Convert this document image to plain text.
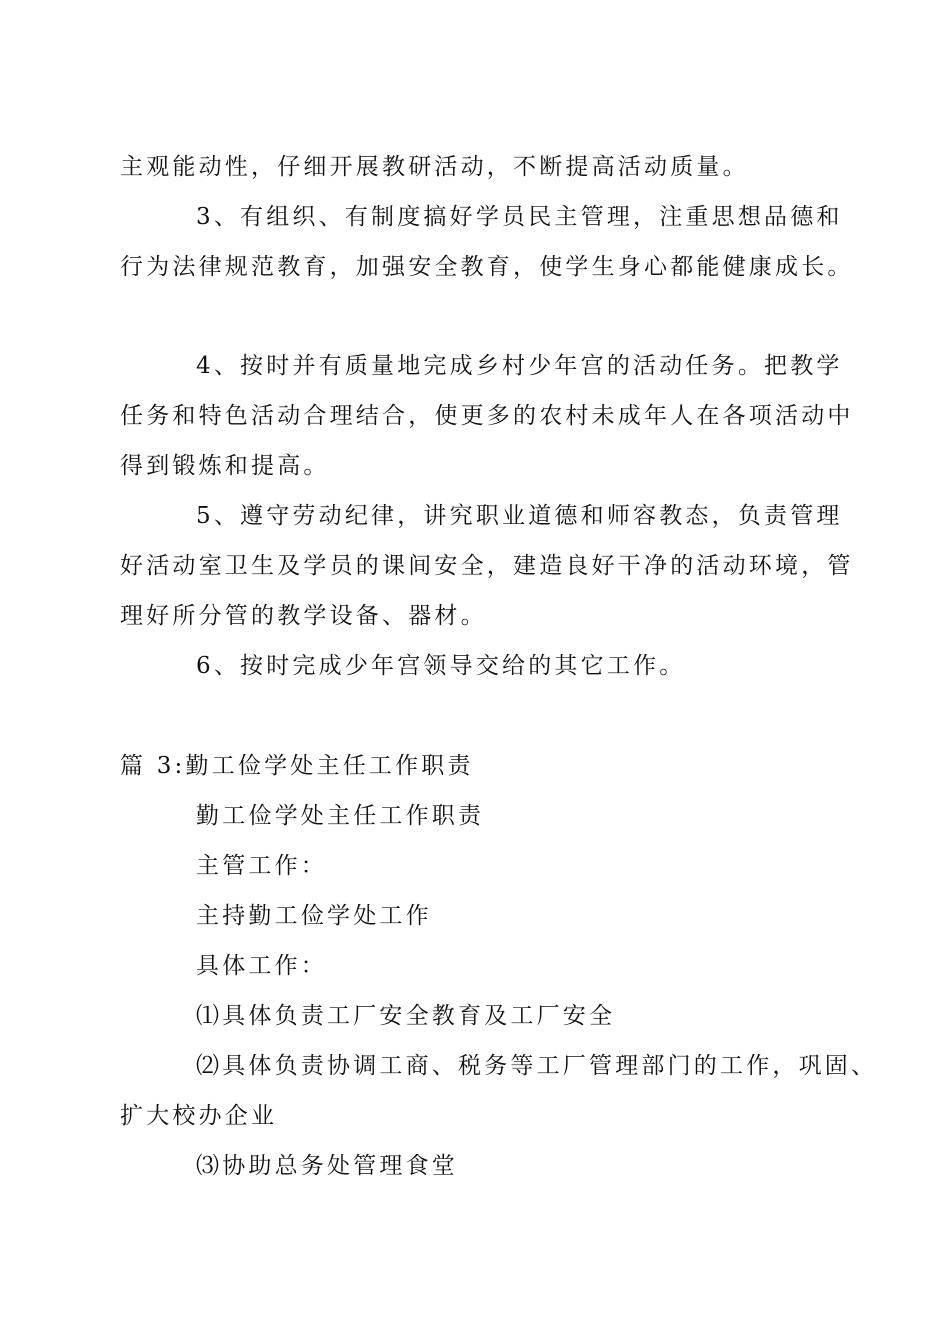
主观能动性，仔细开展教研活动，不断提高活动质量。
3、有组织、有制度搞好学员民主管理，注重思想品德和
行为法律规范教育，加强安全教育，使学生身心都能健康成长。
4、按时并有质量地完成乡村少年宫的活动任务。把教学
任务和特色活动合理结合，使更多的农村未成年人在各项活动中
得到锻炼和提高。
5、遵守劳动纪律，讲究职业道德和师容教态，负责管理
好活动室卫生及学员的课间安全，建造良好干净的活动环境，管
理好所分管的教学设备、器材。
6、按时完成少年宫领导交给的其它工作。
篇 3:勤工俭学处主任工作职责
勤工俭学处主任工作职责
主管工作：
主持勤工俭学处工作
具体工作：
⑴具体负责工厂安全教育及工厂安全
⑵具体负责协调工商、税务等工厂管理部门的工作，巩固、
扩大校办企业
⑶协助总务处管理食堂
